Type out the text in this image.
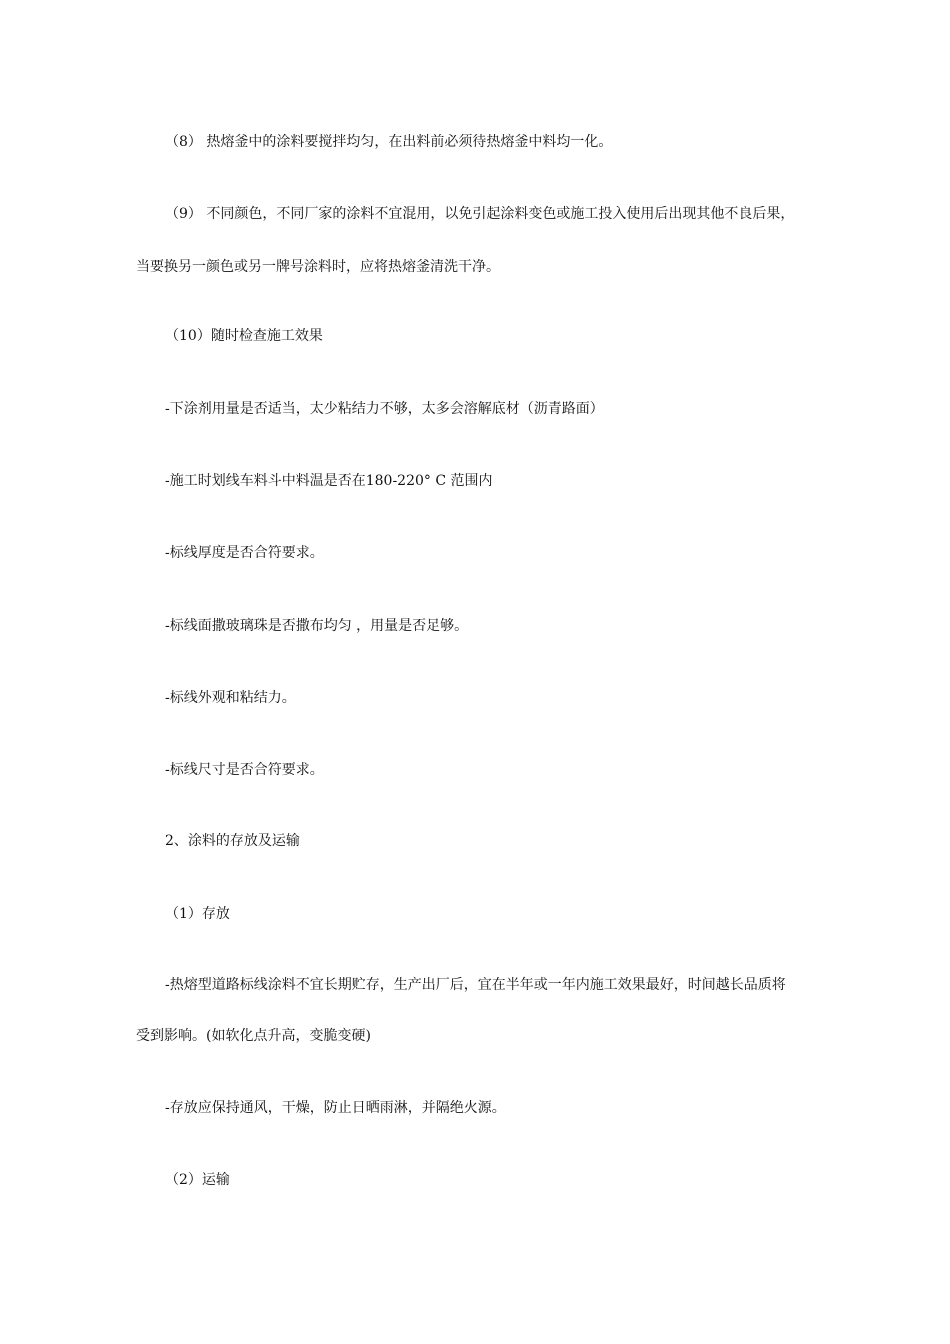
（8） 热熔釜中的涂料要搅拌均匀，在出料前必须待热熔釜中料均一化。

（9） 不同颜色，不同厂家的涂料不宜混用，以免引起涂料变色或施工投入使用后出现其他不良后果，

当要换另一颜色或另一牌号涂料时，应将热熔釜清洗干净。

（10）随时检查施工效果

-下涂剂用量是否适当，太少粘结力不够，太多会溶解底材（沥青路面）

-施工时划线车料斗中料温是否在180-220° C 范围内

-标线厚度是否合符要求。

-标线面撒玻璃珠是否撒布均匀 ，用量是否足够。

-标线外观和粘结力。

-标线尺寸是否合符要求。

2、涂料的存放及运输

（1）存放

-热熔型道路标线涂料不宜长期贮存，生产出厂后，宜在半年或一年内施工效果最好，时间越长品质将

受到影响。(如软化点升高，变脆变硬)

-存放应保持通风，干燥，防止日晒雨淋，并隔绝火源。

（2）运输
